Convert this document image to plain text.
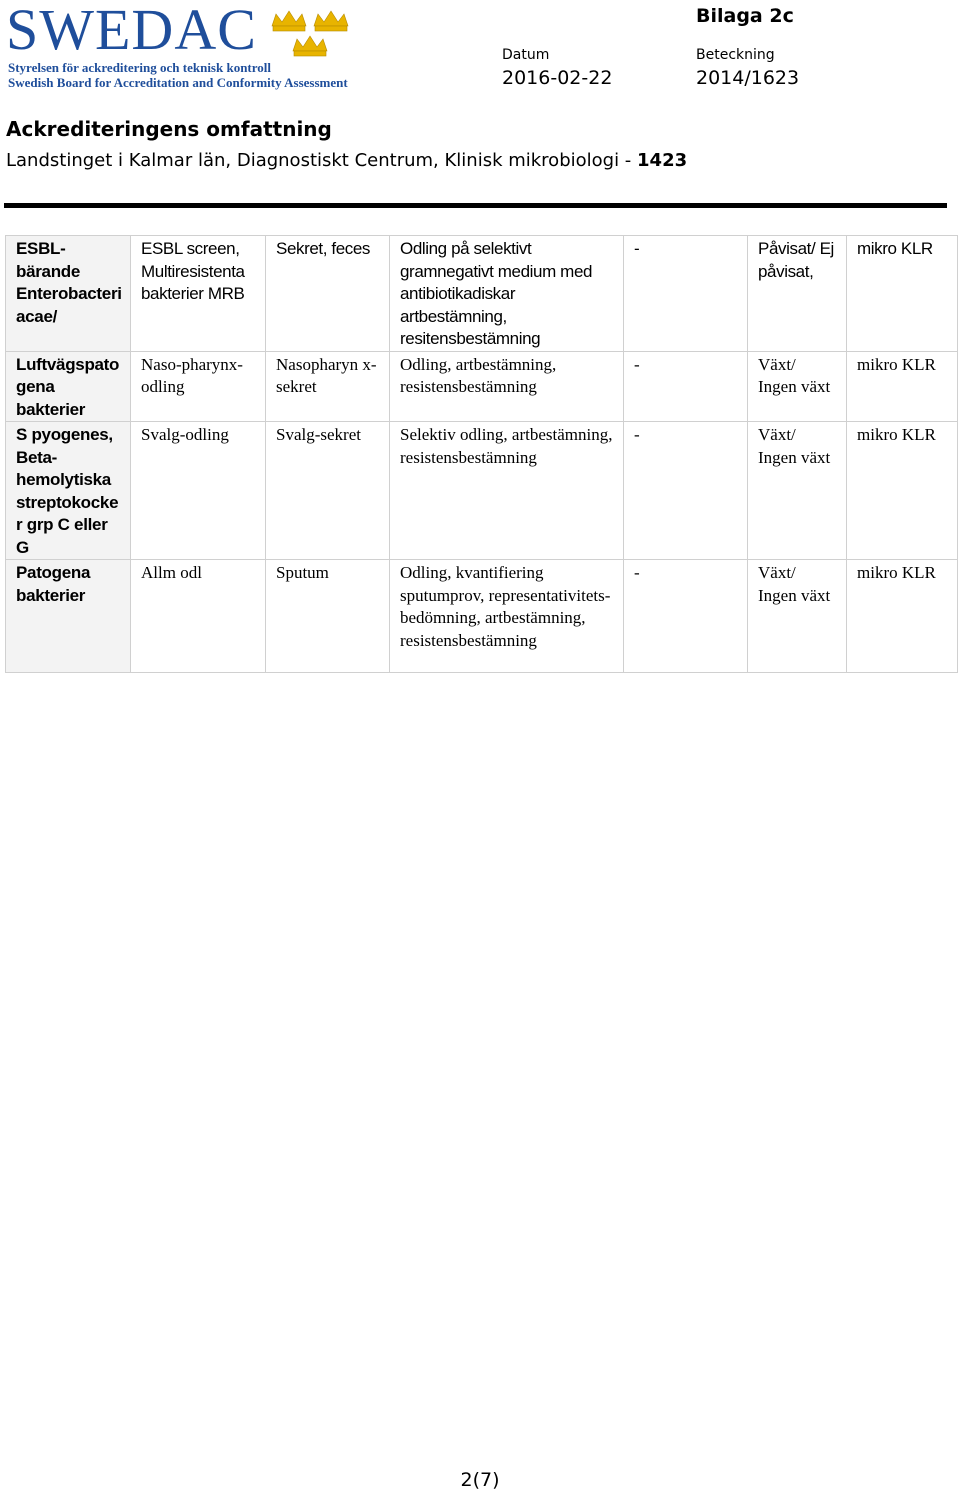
SWEDAC
Styrelsen för ackreditering och teknisk kontroll
Swedish Board for Accreditation and Conformity Assessment
Bilaga 2c
Datum
2016-02-22
Beteckning
2014/1623
Ackrediteringens omfattning
Landstinget i Kalmar län, Diagnostiskt Centrum, Klinisk mikrobiologi - 1423
ESBL-bärande Enterobacteri acae/	ESBL screen, Multiresistenta bakterier MRB	Sekret, feces	Odling på selektivt gramnegativt medium med antibiotikadiskar artbestämning, resitensbestämning	-	Påvisat/ Ej påvisat,	mikro KLR
Luftvägspato gena bakterier	Naso-pharynx-odling	Nasopharyn x-sekret	Odling, artbestämning, resistensbestämning	-	Växt/ Ingen växt	mikro KLR
S pyogenes, Beta-hemolytiska streptokocke r grp C eller G	Svalg-odling	Svalg-sekret	Selektiv odling, artbestämning, resistensbestämning	-	Växt/ Ingen växt	mikro KLR
Patogena bakterier	Allm odl	Sputum	Odling, kvantifiering sputumprov, representativitets-bedömning, artbestämning, resistensbestämning	-	Växt/ Ingen växt	mikro KLR
2(7)
